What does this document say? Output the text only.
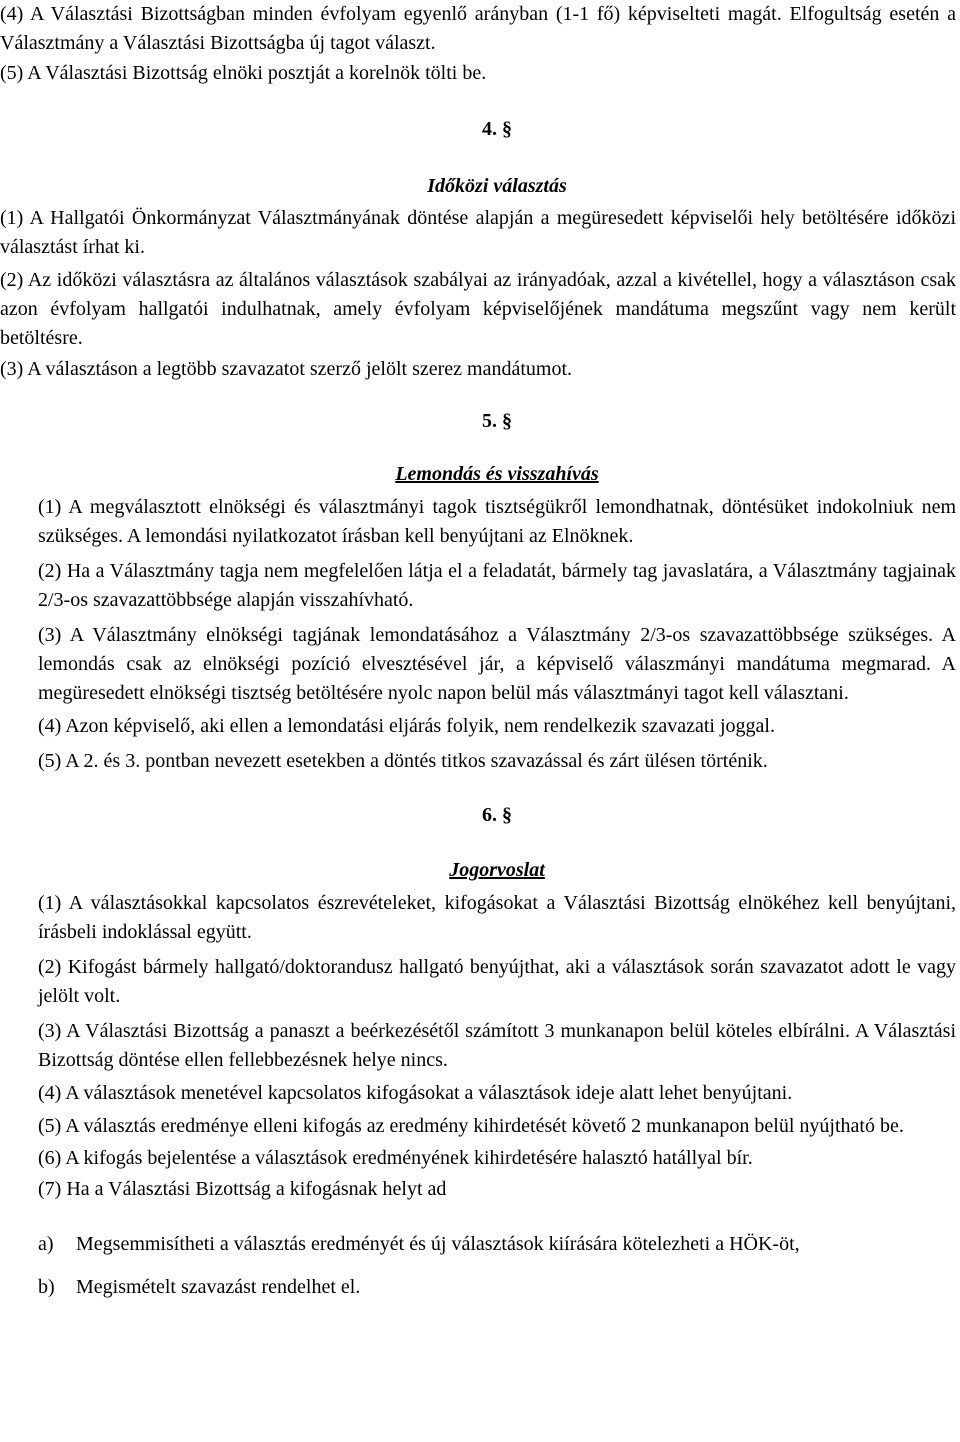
(4) A Választási Bizottságban minden évfolyam egyenlő arányban (1-1 fő) képviselteti magát. Elfogultság esetén a Választmány a Választási Bizottságba új tagot választ.

(5) A Választási Bizottság elnöki posztját a korelnök tölti be.

4. §

Időközi választás

(1) A Hallgatói Önkormányzat Választmányának döntése alapján a megüresedett képviselői hely betöltésére időközi választást írhat ki.

(2) Az időközi választásra az általános választások szabályai az irányadóak, azzal a kivétellel, hogy a választáson csak azon évfolyam hallgatói indulhatnak, amely évfolyam képviselőjének mandátuma megszűnt vagy nem került betöltésre.

(3) A választáson a legtöbb szavazatot szerző jelölt szerez mandátumot.

5. §

Lemondás és visszahívás

(1) A megválasztott elnökségi és választmányi tagok tisztségükről lemondhatnak, döntésüket indokolniuk nem szükséges. A lemondási nyilatkozatot írásban kell benyújtani az Elnöknek.

(2) Ha a Választmány tagja nem megfelelően látja el a feladatát, bármely tag javaslatára, a Választmány tagjainak 2/3-os szavazattöbbsége alapján visszahívható.

(3) A Választmány elnökségi tagjának lemondatásához a Választmány 2/3-os szavazattöbbsége szükséges. A lemondás csak az elnökségi pozíció elvesztésével jár, a képviselő válaszmányi mandátuma megmarad. A megüresedett elnökségi tisztség betöltésére nyolc napon belül más választmányi tagot kell választani.

(4) Azon képviselő, aki ellen a lemondatási eljárás folyik, nem rendelkezik szavazati joggal.

(5) A 2. és 3. pontban nevezett esetekben a döntés titkos szavazással és zárt ülésen történik.

6. §

Jogorvoslat

(1) A választásokkal kapcsolatos észrevételeket, kifogásokat a Választási Bizottság elnökéhez kell benyújtani, írásbeli indoklással együtt.

(2) Kifogást bármely hallgató/doktorandusz hallgató benyújthat, aki a választások során szavazatot adott le vagy jelölt volt.

(3) A Választási Bizottság a panaszt a beérkezésétől számított 3 munkanapon belül köteles elbírálni. A Választási Bizottság döntése ellen fellebbezésnek helye nincs.

(4) A választások menetével kapcsolatos kifogásokat a választások ideje alatt lehet benyújtani.

(5) A választás eredménye elleni kifogás az eredmény kihirdetését követő 2 munkanapon belül nyújtható be.

(6) A kifogás bejelentése a választások eredményének kihirdetésére halasztó hatállyal bír.

(7) Ha a Választási Bizottság a kifogásnak helyt ad

a)	Megsemmisítheti a választás eredményét és új választások kiírására kötelezheti a HÖK-öt,
b)	Megismételt szavazást rendelhet el.
